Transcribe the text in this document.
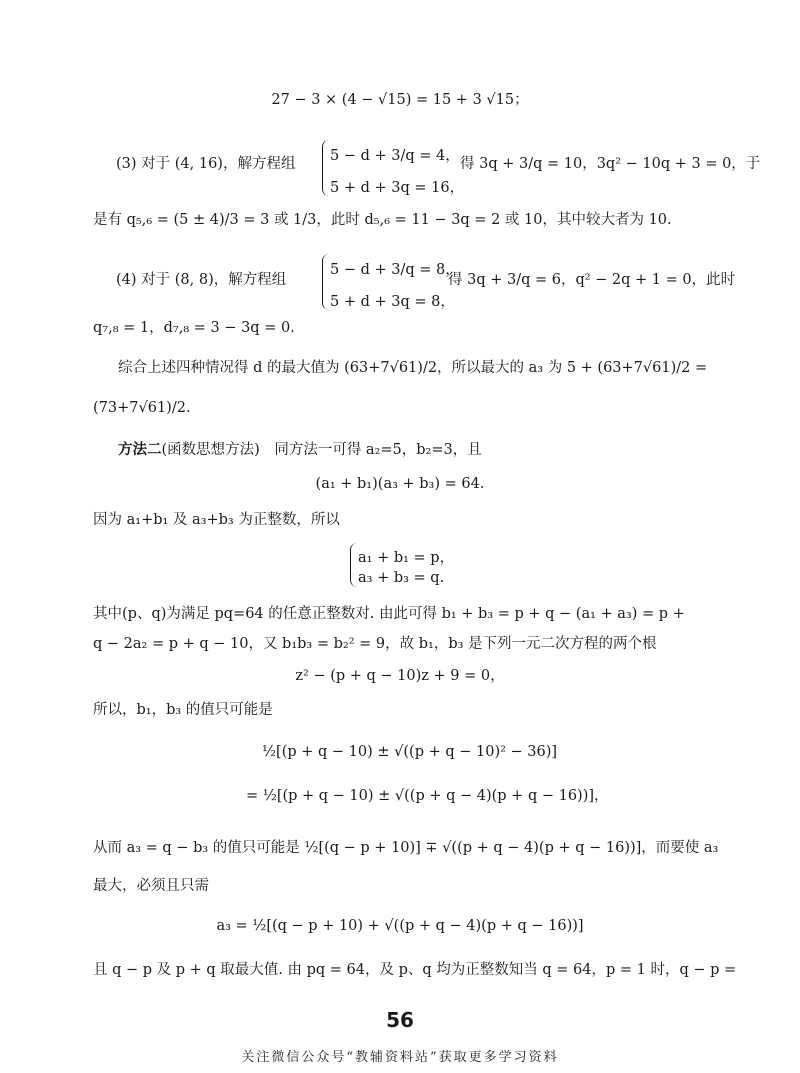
27 − 3 × (4 − √15) = 15 + 3 √15；
(3) 对于 (4, 16)，解方程组 5 − d + 3/q = 4，
5 + d + 3q = 16，
得 3q + 3/q = 10，3q² − 10q + 3 = 0，于
是有 q₅,₆ = (5 ± 4)/3 = 3 或 1/3，此时 d₅,₆ = 11 − 3q = 2 或 10，其中较大者为 10.
(4) 对于 (8, 8)，解方程组
5 − d + 3/q = 8，
5 + d + 3q = 8，
得 3q + 3/q = 6，q² − 2q + 1 = 0，此时
q₇,₈ = 1，d₇,₈ = 3 − 3q = 0.
综合上述四种情况得 d 的最大值为 (63+7√61)/2，所以最大的 a₃ 为 5 + (63+7√61)/2 =
(73+7√61)/2.
方法二(函数思想方法)　同方法一可得 a₂=5，b₂=3，且
(a₁ + b₁)(a₃ + b₃) = 64.
因为 a₁+b₁ 及 a₃+b₃ 为正整数，所以
a₁ + b₁ = p，
a₃ + b₃ = q.
其中(p、q)为满足 pq=64 的任意正整数对. 由此可得 b₁ + b₃ = p + q − (a₁ + a₃) = p +
q − 2a₂ = p + q − 10，又 b₁b₃ = b₂² = 9，故 b₁，b₃ 是下列一元二次方程的两个根
z² − (p + q − 10)z + 9 = 0，
所以，b₁，b₃ 的值只可能是
½[(p + q − 10) ± √((p + q − 10)² − 36)]
= ½[(p + q − 10) ± √((p + q − 4)(p + q − 16))]，
从而 a₃ = q − b₃ 的值只可能是 ½[(q − p + 10)] ∓ √((p + q − 4)(p + q − 16))]，而要使 a₃
最大，必须且只需
a₃ = ½[(q − p + 10) + √((p + q − 4)(p + q − 16))]
且 q − p 及 p + q 取最大值. 由 pq = 64，及 p、q 均为正整数知当 q = 64，p = 1 时，q − p =
56
关注微信公众号“教辅资料站”获取更多学习资料
